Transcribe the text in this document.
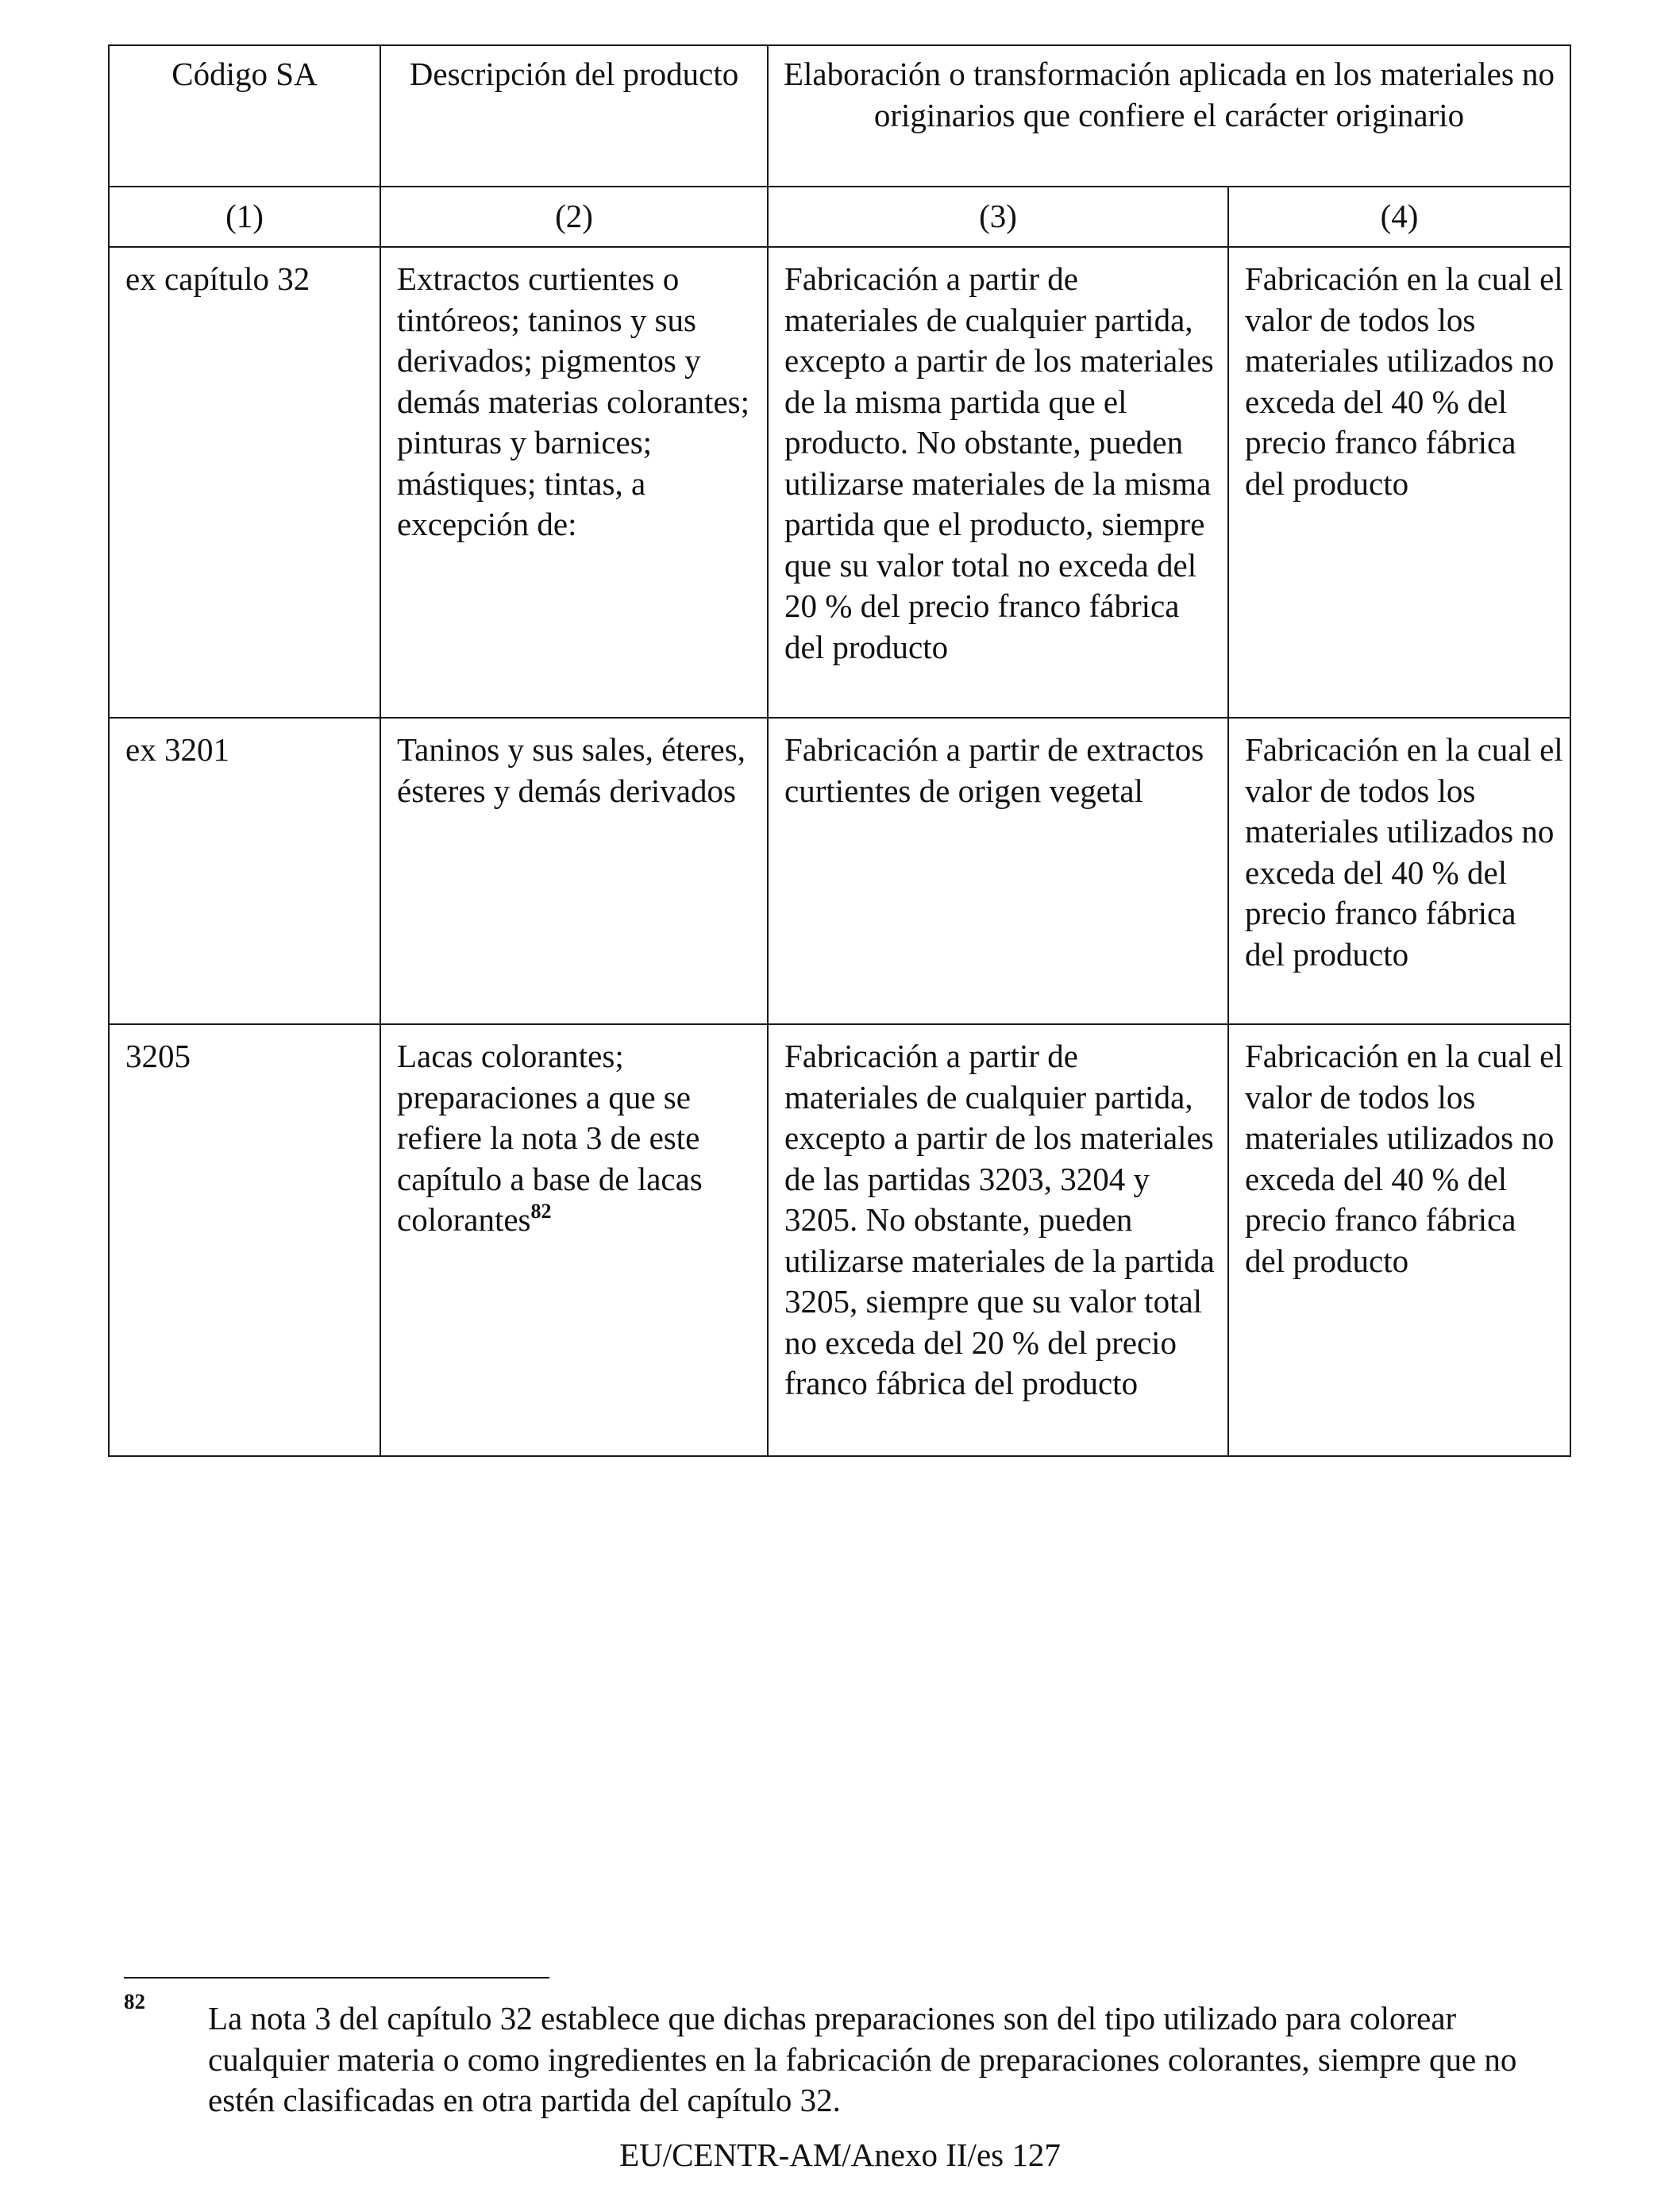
Código SA	Descripción del producto	Elaboración o transformación aplicada en los materiales no originarios que confiere el carácter originario	
(1)	(2)	(3)	(4)
ex capítulo 32	Extractos curtientes o tintóreos; taninos y sus derivados; pigmentos y demás materias colorantes; pinturas y barnices; mástiques; tintas, a excepción de:	Fabricación a partir de materiales de cualquier partida, excepto a partir de los materiales de la misma partida que el producto. No obstante, pueden utilizarse materiales de la misma partida que el producto, siempre que su valor total no exceda del 20 % del precio franco fábrica del producto	Fabricación en la cual el valor de todos los materiales utilizados no exceda del 40 % del precio franco fábrica del producto
ex 3201	Taninos y sus sales, éteres, ésteres y demás derivados	Fabricación a partir de extractos curtientes de origen vegetal	Fabricación en la cual el valor de todos los materiales utilizados no exceda del 40 % del precio franco fábrica del producto
3205	Lacas colorantes; preparaciones a que se refiere la nota 3 de este capítulo a base de lacas colorantes$^{82}$	Fabricación a partir de materiales de cualquier partida, excepto a partir de los materiales de las partidas 3203, 3204 y 3205. No obstante, pueden utilizarse materiales de la partida 3205, siempre que su valor total no exceda del 20 % del precio franco fábrica del producto	Fabricación en la cual el valor de todos los materiales utilizados no exceda del 40 % del precio franco fábrica del producto
82 La nota 3 del capítulo 32 establece que dichas preparaciones son del tipo utilizado para colorear cualquier materia o como ingredientes en la fabricación de preparaciones colorantes, siempre que no estén clasificadas en otra partida del capítulo 32.
EU/CENTR-AM/Anexo II/es 127
